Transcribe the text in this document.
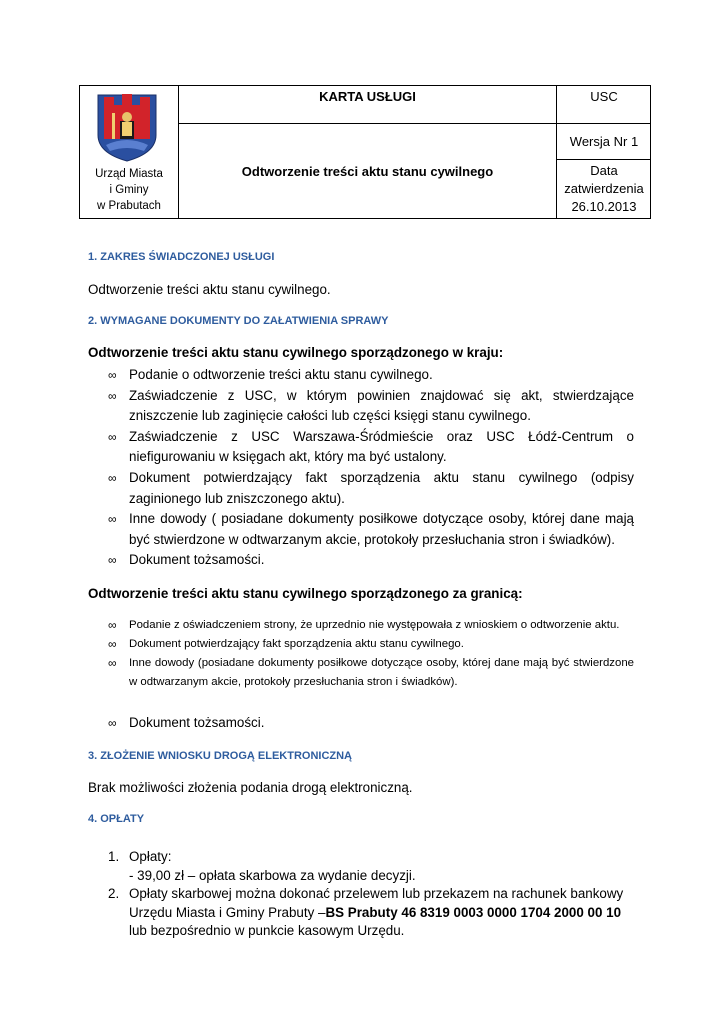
Urząd Miasta
i Gminy
w Prabutach
KARTA USŁUGI	USC
Odtworzenie treści aktu stanu cywilnego
Wersja Nr 1
Data
zatwierdzenia
26.10.2013
1. ZAKRES ŚWIADCZONEJ USŁUGI
Odtworzenie treści aktu stanu cywilnego.
2. WYMAGANE DOKUMENTY DO ZAŁATWIENIA SPRAWY
Odtworzenie treści aktu stanu cywilnego sporządzonego w kraju:
∞ Podanie o odtworzenie treści aktu stanu cywilnego.
∞ Zaświadczenie z USC, w którym powinien znajdować się akt, stwierdzające zniszczenie lub zaginięcie całości lub części księgi stanu cywilnego.
∞ Zaświadczenie z USC Warszawa-Śródmieście oraz USC Łódź-Centrum o niefigurowaniu w księgach akt, który ma być ustalony.
∞ Dokument potwierdzający fakt sporządzenia aktu stanu cywilnego (odpisy zaginionego lub zniszczonego aktu).
∞ Inne dowody ( posiadane dokumenty posiłkowe dotyczące osoby, której dane mają być stwierdzone w odtwarzanym akcie, protokoły przesłuchania stron i świadków).
∞ Dokument tożsamości.
Odtworzenie treści aktu stanu cywilnego sporządzonego za granicą:
∞ Podanie z oświadczeniem strony, że uprzednio nie występowała z wnioskiem o odtworzenie aktu.
∞ Dokument potwierdzający fakt sporządzenia aktu stanu cywilnego.
∞ Inne dowody (posiadane dokumenty posiłkowe dotyczące osoby, której dane mają być stwierdzone w odtwarzanym akcie, protokoły przesłuchania stron i świadków).
∞ Dokument tożsamości.
3. ZŁOŻENIE WNIOSKU DROGĄ ELEKTRONICZNĄ
Brak możliwości złożenia podania drogą elektroniczną.
4. OPŁATY
1. Opłaty:
- 39,00 zł – opłata skarbowa za wydanie decyzji.
2. Opłaty skarbowej można dokonać przelewem lub przekazem na rachunek bankowy Urzędu Miasta i Gminy Prabuty –BS Prabuty 46 8319 0003 0000 1704 2000 00 10 lub bezpośrednio w punkcie kasowym Urzędu.
